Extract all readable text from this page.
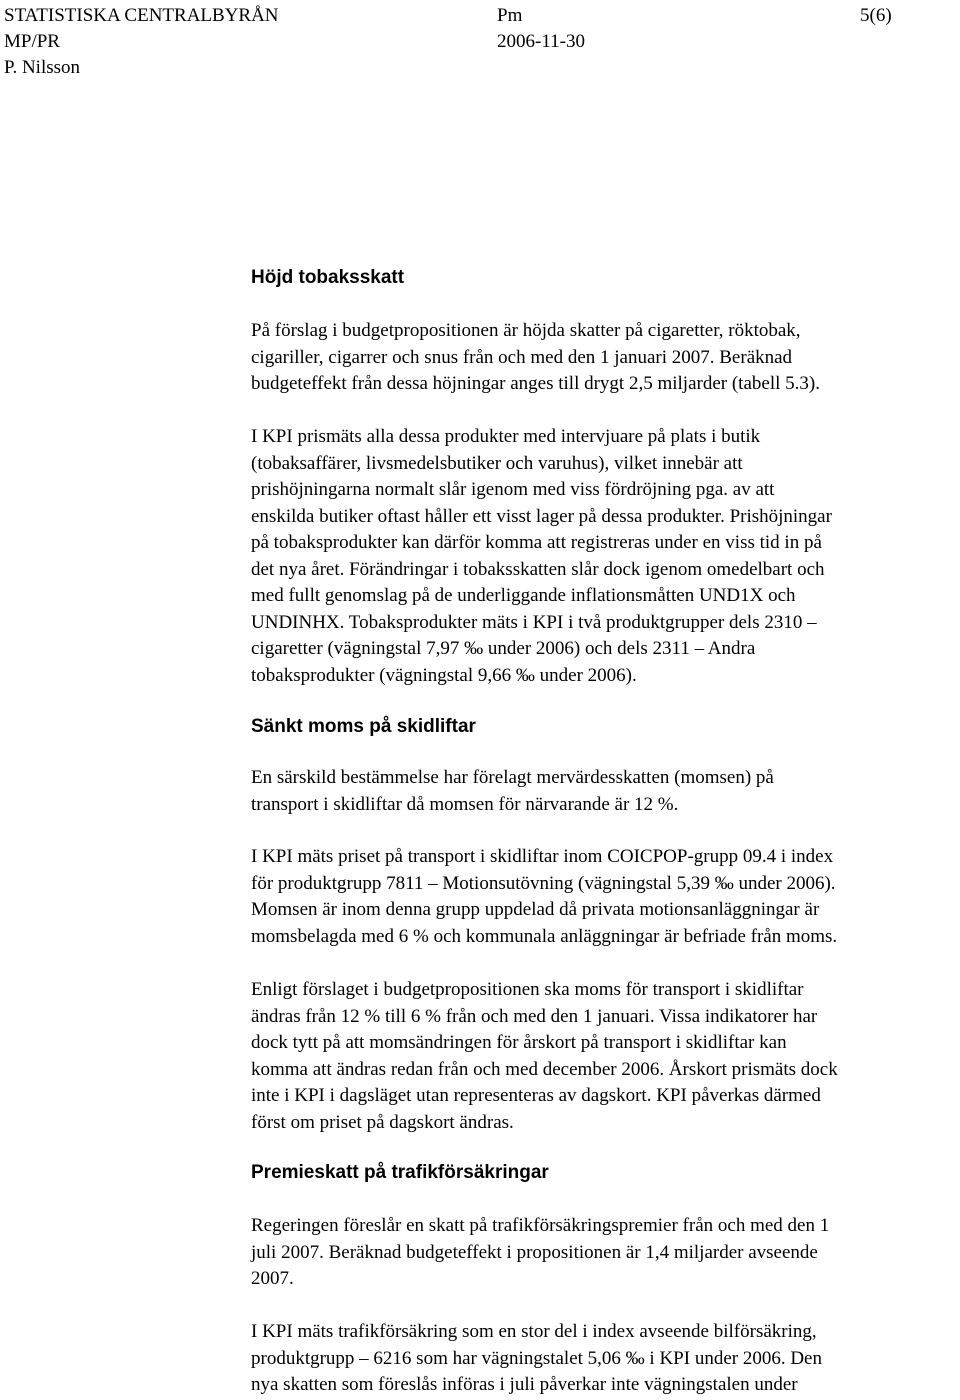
STATISTISKA CENTRALBYRÅN	Pm	5(6)
MP/PR	2006-11-30
P. Nilsson
Höjd tobaksskatt
På förslag i budgetpropositionen är höjda skatter på cigaretter, röktobak,
cigariller, cigarrer och snus från och med den 1 januari 2007. Beräknad
budgeteffekt från dessa höjningar anges till drygt 2,5 miljarder (tabell 5.3).
I KPI prismäts alla dessa produkter med intervjuare på plats i butik
(tobaksaffärer, livsmedelsbutiker och varuhus), vilket innebär att
prishöjningarna normalt slår igenom med viss fördröjning pga. av att
enskilda butiker oftast håller ett visst lager på dessa produkter. Prishöjningar
på tobaksprodukter kan därför komma att registreras under en viss tid in på
det nya året. Förändringar i tobaksskatten slår dock igenom omedelbart och
med fullt genomslag på de underliggande inflationsmåtten UND1X och
UNDINHX. Tobaksprodukter mäts i KPI i två produktgrupper dels 2310 –
cigaretter (vägningstal 7,97 ‰ under 2006) och dels 2311 – Andra
tobaksprodukter (vägningstal 9,66 ‰ under 2006).
Sänkt moms på skidliftar
En särskild bestämmelse har förelagt mervärdesskatten (momsen) på
transport i skidliftar då momsen för närvarande är 12 %.
I KPI mäts priset på transport i skidliftar inom COICPOP-grupp 09.4 i index
för produktgrupp 7811 – Motionsutövning (vägningstal 5,39 ‰ under 2006).
Momsen är inom denna grupp uppdelad då privata motionsanläggningar är
momsbelagda med 6 % och kommunala anläggningar är befriade från moms.
Enligt förslaget i budgetpropositionen ska moms för transport i skidliftar
ändras från 12 % till 6 % från och med den 1 januari. Vissa indikatorer har
dock tytt på att momsändringen för årskort på transport i skidliftar kan
komma att ändras redan från och med december 2006. Årskort prismäts dock
inte i KPI i dagsläget utan representeras av dagskort. KPI påverkas därmed
först om priset på dagskort ändras.
Premieskatt på trafikförsäkringar
Regeringen föreslår en skatt på trafikförsäkringspremier från och med den 1
juli 2007. Beräknad budgeteffekt i propositionen är 1,4 miljarder avseende
2007.
I KPI mäts trafikförsäkring som en stor del i index avseende bilförsäkring,
produktgrupp – 6216 som har vägningstalet 5,06 ‰ i KPI under 2006. Den
nya skatten som föreslås införas i juli påverkar inte vägningstalen under
